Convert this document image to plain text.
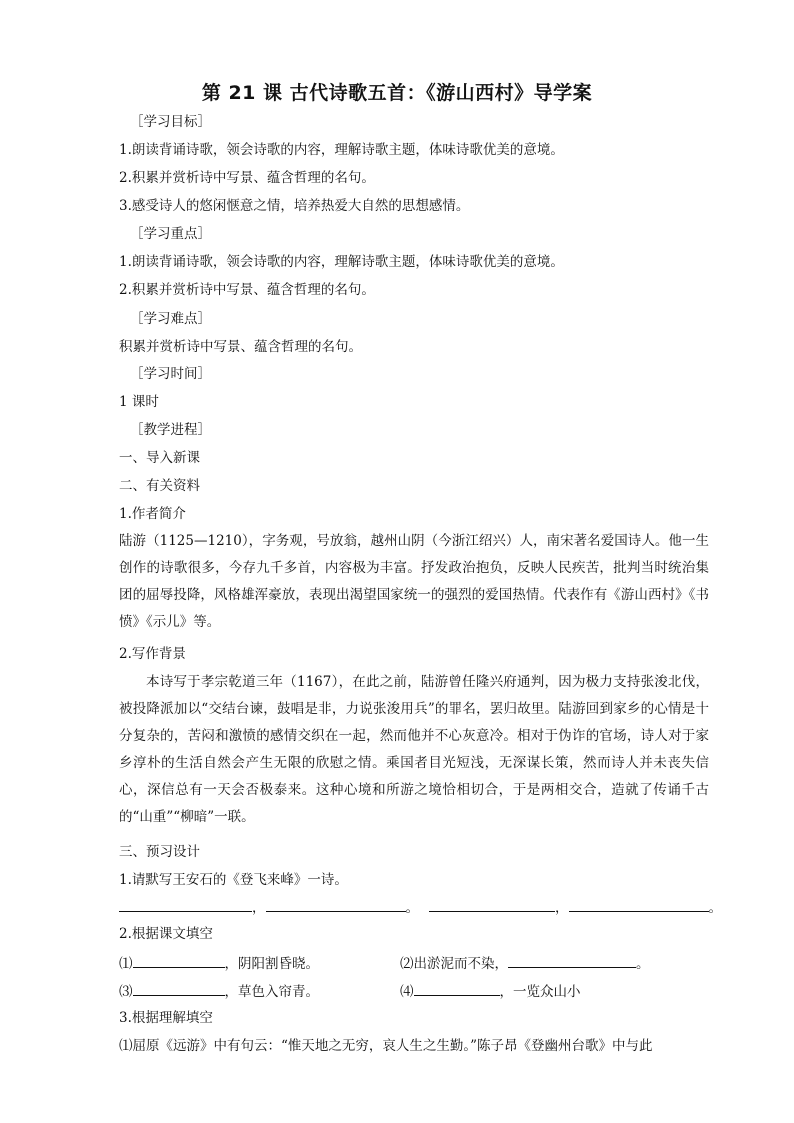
第 21 课 古代诗歌五首：《游山西村》导学案
［学习目标］
1.朗读背诵诗歌，领会诗歌的内容，理解诗歌主题，体味诗歌优美的意境。
2.积累并赏析诗中写景、蕴含哲理的名句。
3.感受诗人的悠闲惬意之情，培养热爱大自然的思想感情。
［学习重点］
1.朗读背诵诗歌，领会诗歌的内容，理解诗歌主题，体味诗歌优美的意境。
2.积累并赏析诗中写景、蕴含哲理的名句。
［学习难点］
积累并赏析诗中写景、蕴含哲理的名句。
［学习时间］
1 课时
［教学进程］
一、导入新课
二、有关资料
1.作者简介
陆游（1125—1210），字务观，号放翁，越州山阴（今浙江绍兴）人，南宋著名爱国诗人。他一生创作的诗歌很多，今存九千多首，内容极为丰富。抒发政治抱负，反映人民疾苦，批判当时统治集团的屈辱投降，风格雄浑豪放，表现出渴望国家统一的强烈的爱国热情。代表作有《游山西村》《书愤》《示儿》等。
2.写作背景
本诗写于孝宗乾道三年（1167），在此之前，陆游曾任隆兴府通判，因为极力支持张浚北伐，被投降派加以“交结台谏，鼓唱是非，力说张浚用兵”的罪名，罢归故里。陆游回到家乡的心情是十分复杂的，苦闷和激愤的感情交织在一起，然而他并不心灰意冷。相对于伪诈的官场，诗人对于家乡淳朴的生活自然会产生无限的欣慰之情。乘国者目光短浅，无深谋长策，然而诗人并未丧失信心，深信总有一天会否极泰来。这种心境和所游之境恰相切合，于是两相交合，造就了传诵千古的“山重”“柳暗”一联。
三、预习设计
1.请默写王安石的《登飞来峰》一诗。
，	。	，	。
2.根据课文填空
⑴	，阴阳割昏晓。	⑵出淤泥而不染，	。
⑶	，草色入帘青。	⑷	，一览众山小
3.根据理解填空
⑴屈原《远游》中有句云：“惟天地之无穷，哀人生之生勤。”陈子昂《登幽州台歌》中与此
